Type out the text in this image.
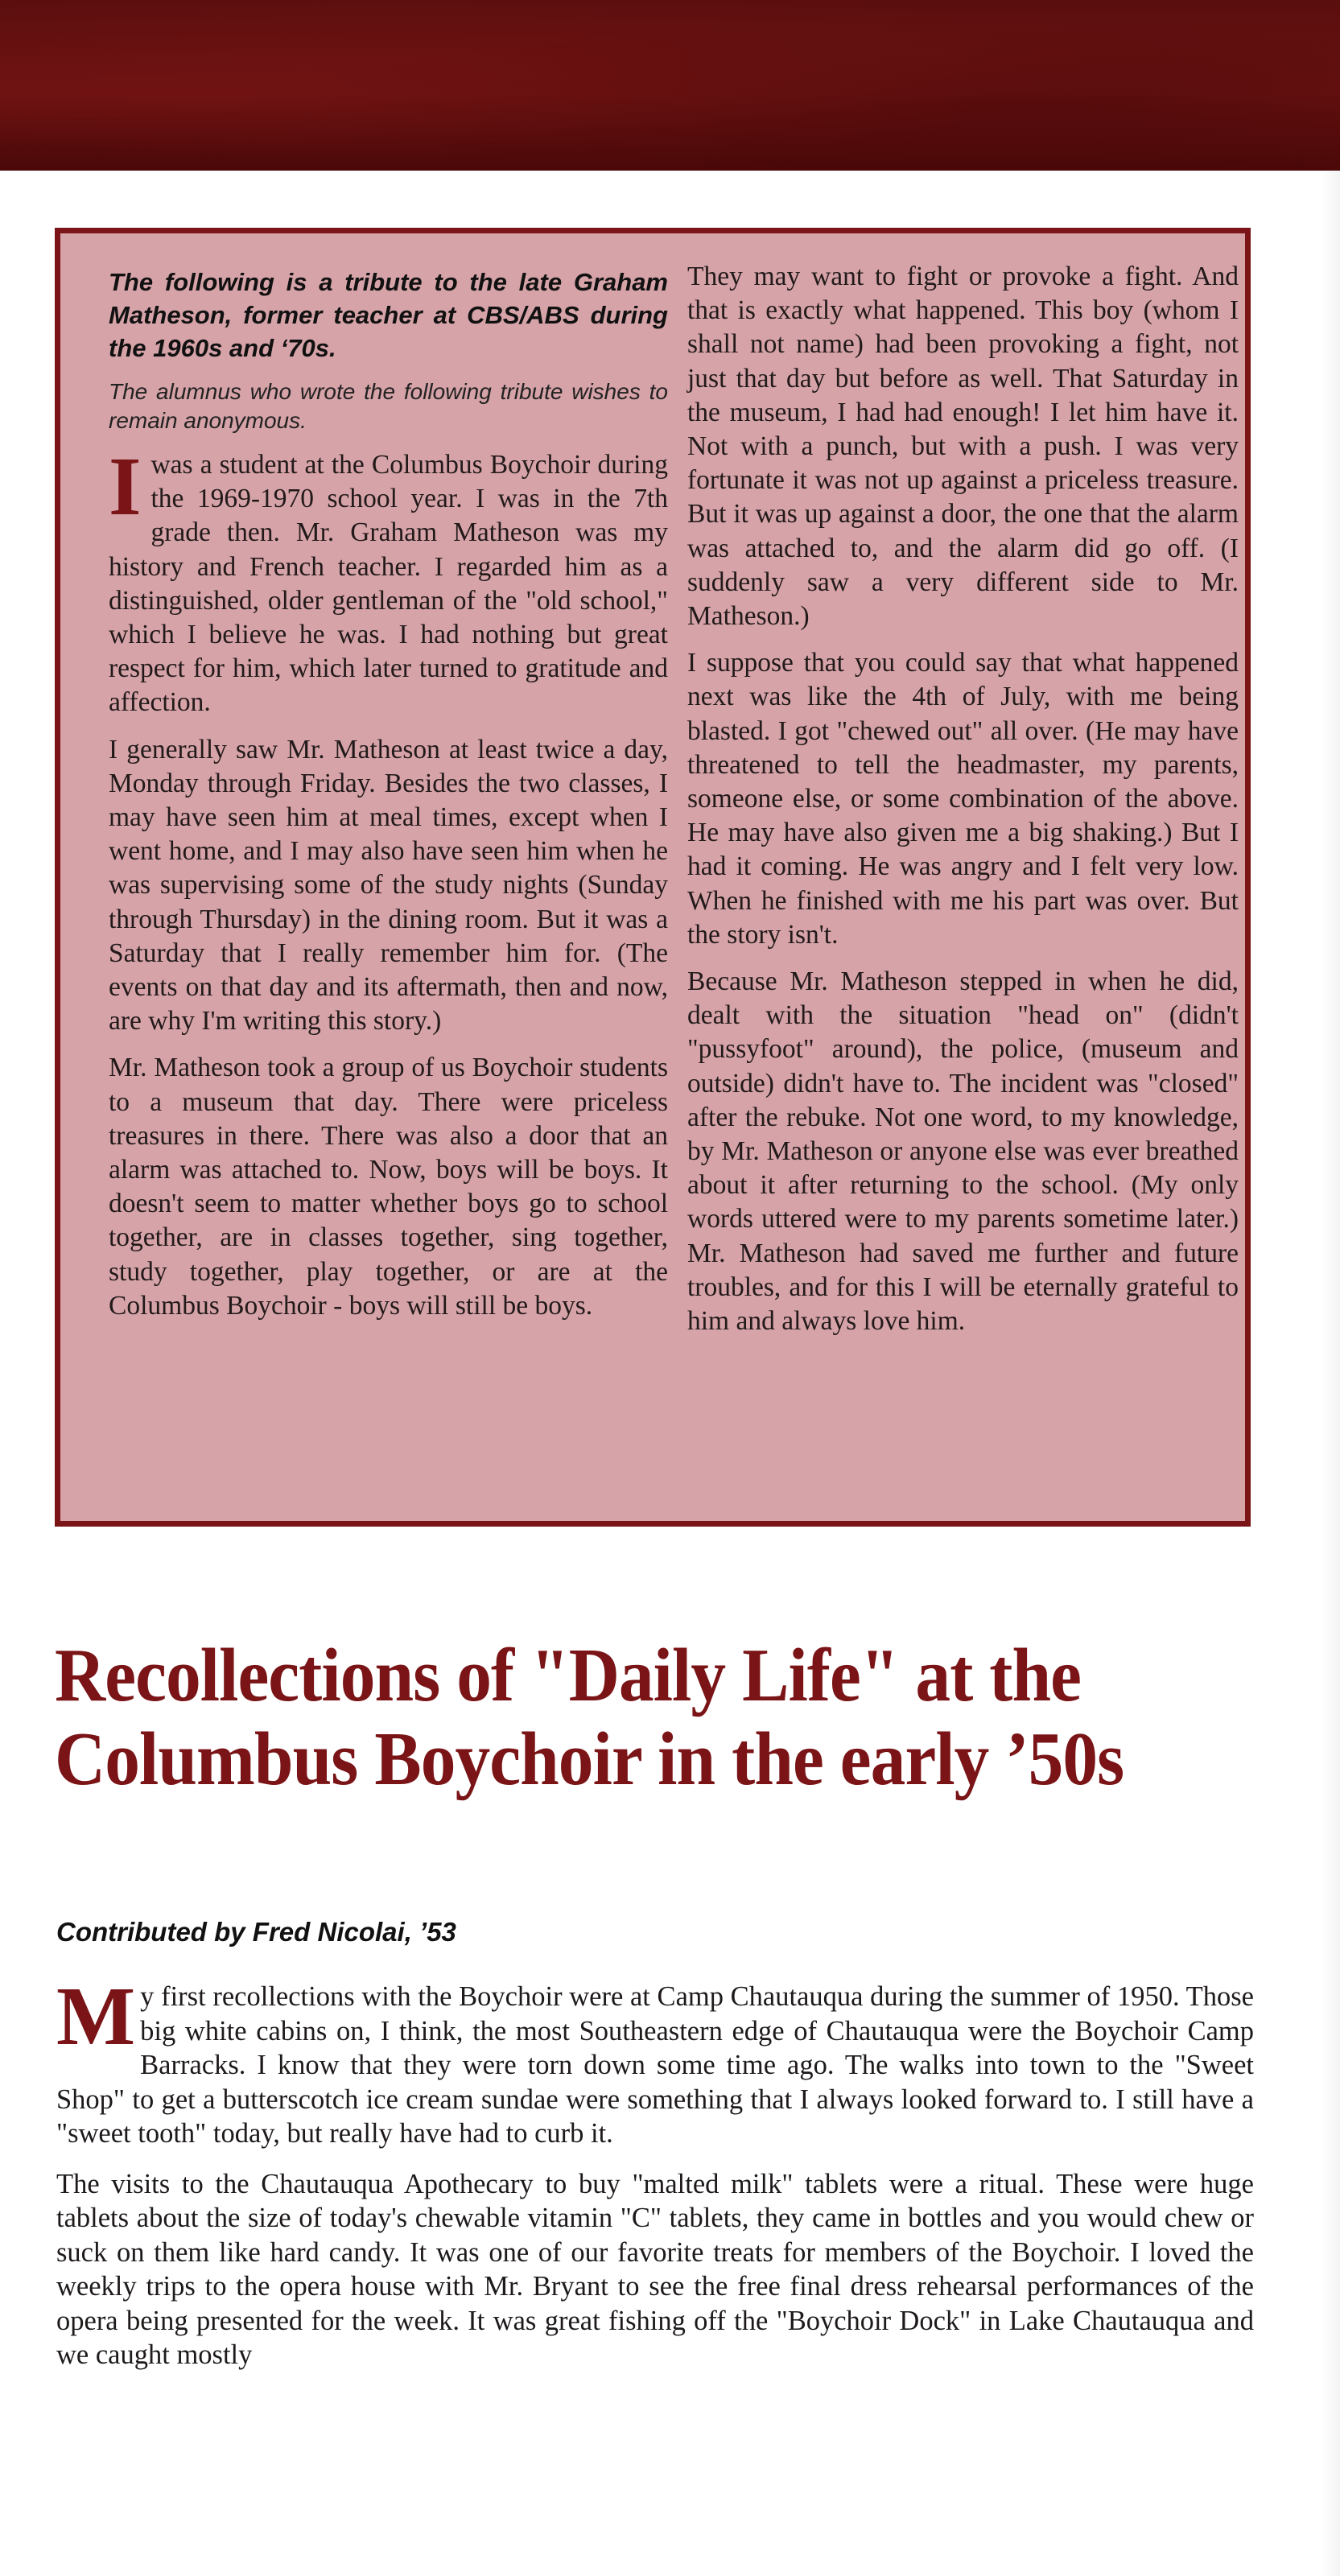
The following is a tribute to the late Graham Matheson, former teacher at CBS/ABS during the 1960s and ‘70s.

The alumnus who wrote the following tribute wishes to remain anonymous.

Iwas a student at the Columbus Boychoir during the 1969-1970 school year. I was in the 7th grade then. Mr. Graham Matheson was my history and French teacher. I regarded him as a distinguished, older gentleman of the "old school," which I believe he was. I had nothing but great respect for him, which later turned to gratitude and affection.

I generally saw Mr. Matheson at least twice a day, Monday through Friday. Besides the two classes, I may have seen him at meal times, except when I went home, and I may also have seen him when he was supervising some of the study nights (Sunday through Thursday) in the dining room. But it was a Saturday that I really remember him for. (The events on that day and its aftermath, then and now, are why I'm writing this story.)

Mr. Matheson took a group of us Boychoir students to a museum that day. There were priceless treasures in there. There was also a door that an alarm was attached to. Now, boys will be boys. It doesn't seem to matter whether boys go to school together, are in classes together, sing together, study together, play together, or are at the Columbus Boychoir - boys will still be boys.

They may want to fight or provoke a fight. And that is exactly what happened. This boy (whom I shall not name) had been provoking a fight, not just that day but before as well. That Saturday in the museum, I had had enough! I let him have it. Not with a punch, but with a push. I was very fortunate it was not up against a priceless treasure. But it was up against a door, the one that the alarm was attached to, and the alarm did go off. (I suddenly saw a very different side to Mr. Matheson.)

I suppose that you could say that what happened next was like the 4th of July, with me being blasted. I got "chewed out" all over. (He may have threatened to tell the headmaster, my parents, someone else, or some combination of the above. He may have also given me a big shaking.) But I had it coming. He was angry and I felt very low. When he finished with me his part was over. But the story isn't.

Because Mr. Matheson stepped in when he did, dealt with the situation "head on" (didn't "pussyfoot" around), the police, (museum and outside) didn't have to. The incident was "closed" after the rebuke. Not one word, to my knowledge, by Mr. Matheson or anyone else was ever breathed about it after returning to the school. (My only words uttered were to my parents sometime later.) Mr. Matheson had saved me further and future troubles, and for this I will be eternally grateful to him and always love him.

Recollections of "Daily Life" at the Columbus Boychoir in the early ’50s
Contributed by Fred Nicolai, ’53

My first recollections with the Boychoir were at Camp Chautauqua during the summer of 1950. Those big white cabins on, I think, the most Southeastern edge of Chautauqua were the Boychoir Camp Barracks. I know that they were torn down some time ago. The walks into town to the "Sweet Shop" to get a butterscotch ice cream sundae were something that I always looked forward to. I still have a "sweet tooth" today, but really have had to curb it.

The visits to the Chautauqua Apothecary to buy "malted milk" tablets were a ritual. These were huge tablets about the size of today's chewable vitamin "C" tablets, they came in bottles and you would chew or suck on them like hard candy. It was one of our favorite treats for members of the Boychoir. I loved the weekly trips to the opera house with Mr. Bryant to see the free final dress rehearsal performances of the opera being presented for the week. It was great fishing off the "Boychoir Dock" in Lake Chautauqua and we caught mostly
